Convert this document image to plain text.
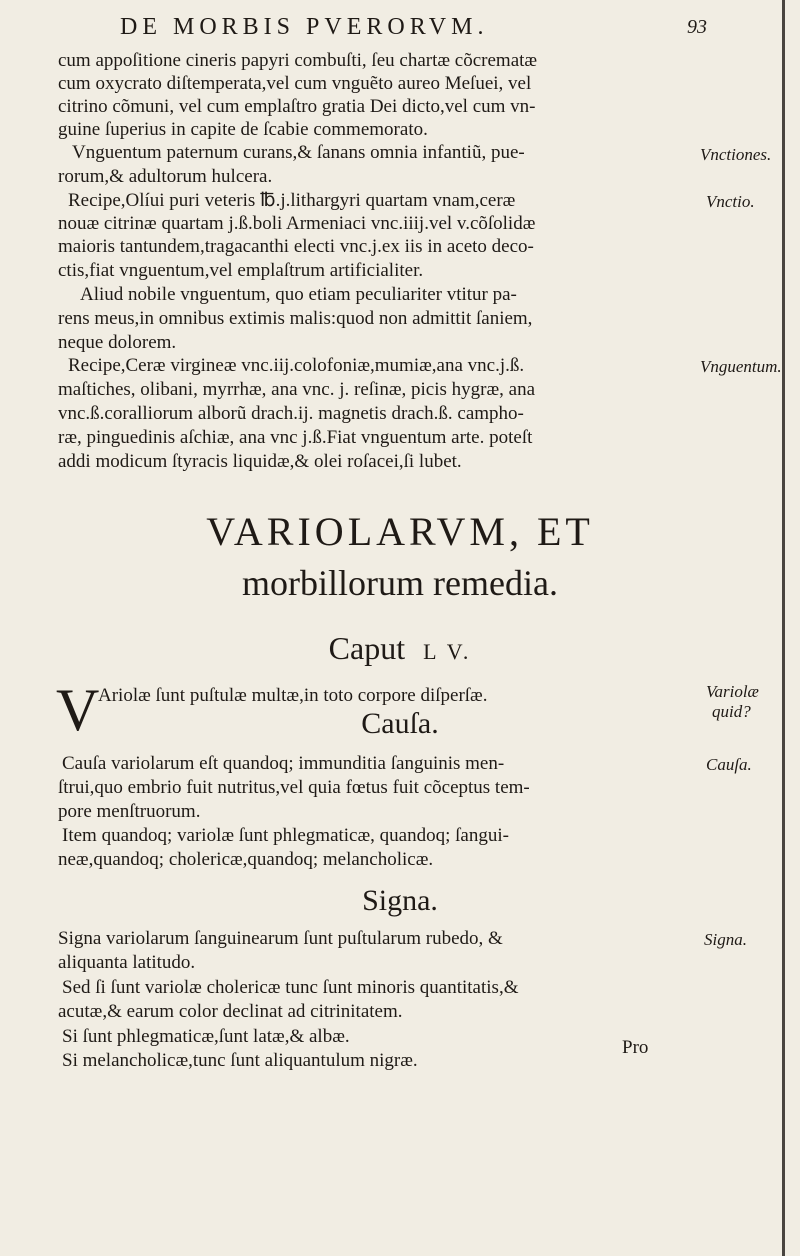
DE MORBIS PVERORVM.	93
cum appoſitione cineris papyri combuſti, ſeu chartæ cõcrematæ
cum oxycrato diſtemperata,vel cum vnguẽto aureo Meſuei, vel
citrino cõmuni, vel cum emplaſtro gratia Dei dicto,vel cum vn-
guine ſuperius in capite de ſcabie commemorato.
Vnguentum paternum curans,& ſanans omnia infantiũ, pue-
rorum,& adultorum hulcera.
Recipe,Olíui puri veteris ℔.j.lithargyri quartam vnam,ceræ
nouæ citrinæ quartam j.ß.boli Armeniaci vnc.iiij.vel v.cõſolidæ
maioris tantundem,tragacanthi electi vnc.j.ex iis in aceto deco-
ctis,fiat vnguentum,vel emplaſtrum artificialiter.
Aliud nobile vnguentum, quo etiam peculiariter vtitur pa-
rens meus,in omnibus extimis malis:quod non admittit ſaniem,
neque dolorem.
Recipe,Ceræ virgineæ vnc.iij.colofoniæ,mumiæ,ana vnc.j.ß.
maſtiches, olibani, myrrhæ, ana vnc. j. reſinæ, picis hygræ, ana
vnc.ß.coralliorum alborũ drach.ij. magnetis drach.ß. campho-
ræ, pinguedinis aſchiæ, ana vnc j.ß.Fiat vnguentum arte. poteſt
addi modicum ſtyracis liquidæ,& olei roſacei,ſi lubet.
Vnctiones.
Vnctio.
Vnguentum.
VARIOLARVM, ET
morbillorum remedia.
Caput L V.
V
Ariolæ ſunt puſtulæ multæ,in toto corpore diſperſæ.
Cauſa.
Variolæ
quid?
Cauſa variolarum eſt quandoq; immunditia ſanguinis men-
ſtrui,quo embrio fuit nutritus,vel quia fœtus fuit cõceptus tem-
pore menſtruorum.
Item quandoq; variolæ ſunt phlegmaticæ, quandoq; ſangui-
neæ,quandoq; cholericæ,quandoq; melancholicæ.
Cauſa.
Signa.
Signa variolarum ſanguinearum ſunt puſtularum rubedo, &
aliquanta latitudo.
Sed ſi ſunt variolæ cholericæ tunc ſunt minoris quantitatis,&
acutæ,& earum color declinat ad citrinitatem.
Si ſunt phlegmaticæ,ſunt latæ,& albæ.
Si melancholicæ,tunc ſunt aliquantulum nigræ.
Signa.
Pro
